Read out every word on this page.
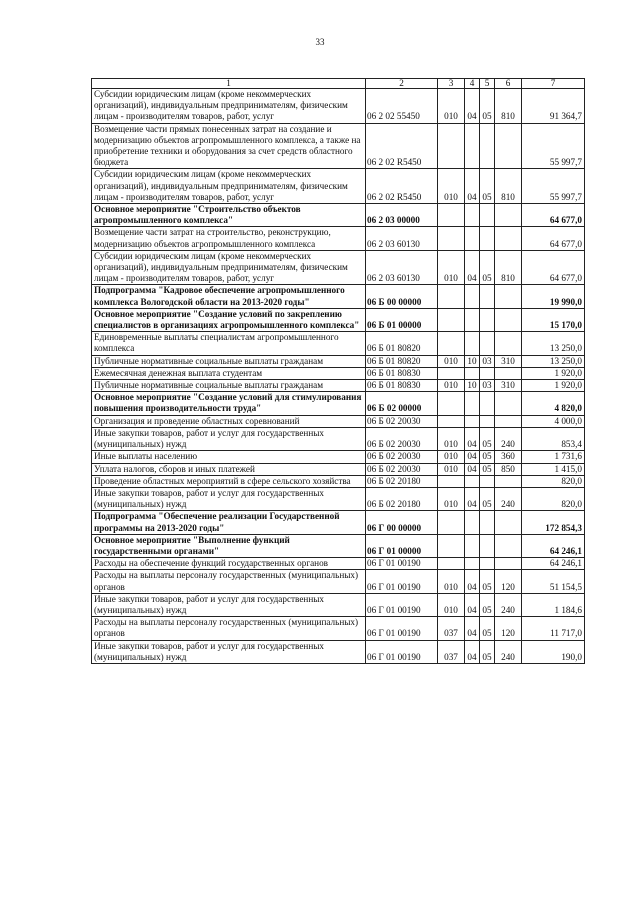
33
1	2	3	4	5	6	7
Субсидии юридическим лицам (кроме некоммерческих организаций), индивидуальным предпринимателям, физическим лицам - производителям товаров, работ, услуг	06 2 02 55450	010	04	05	810	91 364,7
Возмещение части прямых понесенных затрат на создание и модернизацию объектов агропромышленного комплекса, а также на приобретение техники и оборудования за счет средств областного бюджета	06 2 02 R5450					55 997,7
Субсидии юридическим лицам (кроме некоммерческих организаций), индивидуальным предпринимателям, физическим лицам - производителям товаров, работ, услуг	06 2 02 R5450	010	04	05	810	55 997,7
Основное мероприятие "Строительство объектов агропромышленного комплекса"	06 2 03 00000					64 677,0
Возмещение части затрат на строительство, реконструкцию, модернизацию объектов агропромышленного комплекса	06 2 03 60130					64 677,0
Субсидии юридическим лицам (кроме некоммерческих организаций), индивидуальным предпринимателям, физическим лицам - производителям товаров, работ, услуг	06 2 03 60130	010	04	05	810	64 677,0
Подпрограмма "Кадровое обеспечение агропромышленного комплекса Вологодской области на 2013-2020 годы"	06 Б 00 00000					19 990,0
Основное мероприятие "Создание условий по закреплению специалистов в организациях агропромышленного комплекса"	06 Б 01 00000					15 170,0
Единовременные выплаты специалистам агропромышленного комплекса	06 Б 01 80820					13 250,0
Публичные нормативные социальные выплаты гражданам	06 Б 01 80820	010	10	03	310	13 250,0
Ежемесячная денежная выплата студентам	06 Б 01 80830					1 920,0
Публичные нормативные социальные выплаты гражданам	06 Б 01 80830	010	10	03	310	1 920,0
Основное мероприятие "Создание условий для стимулирования повышения производительности труда"	06 Б 02 00000					4 820,0
Организация и проведение областных соревнований	06 Б 02 20030					4 000,0
Иные закупки товаров, работ и услуг для государственных (муниципальных) нужд	06 Б 02 20030	010	04	05	240	853,4
Иные выплаты населению	06 Б 02 20030	010	04	05	360	1 731,6
Уплата налогов, сборов и иных платежей	06 Б 02 20030	010	04	05	850	1 415,0
Проведение областных мероприятий в сфере сельского хозяйства	06 Б 02 20180					820,0
Иные закупки товаров, работ и услуг для государственных (муниципальных) нужд	06 Б 02 20180	010	04	05	240	820,0
Подпрограмма "Обеспечение реализации Государственной программы на 2013-2020 годы"	06 Г 00 00000					172 854,3
Основное мероприятие "Выполнение функций государственными органами"	06 Г 01 00000					64 246,1
Расходы на обеспечение функций государственных органов	06 Г 01 00190					64 246,1
Расходы на выплаты персоналу государственных (муниципальных) органов	06 Г 01 00190	010	04	05	120	51 154,5
Иные закупки товаров, работ и услуг для государственных (муниципальных) нужд	06 Г 01 00190	010	04	05	240	1 184,6
Расходы на выплаты персоналу государственных (муниципальных) органов	06 Г 01 00190	037	04	05	120	11 717,0
Иные закупки товаров, работ и услуг для государственных (муниципальных) нужд	06 Г 01 00190	037	04	05	240	190,0
